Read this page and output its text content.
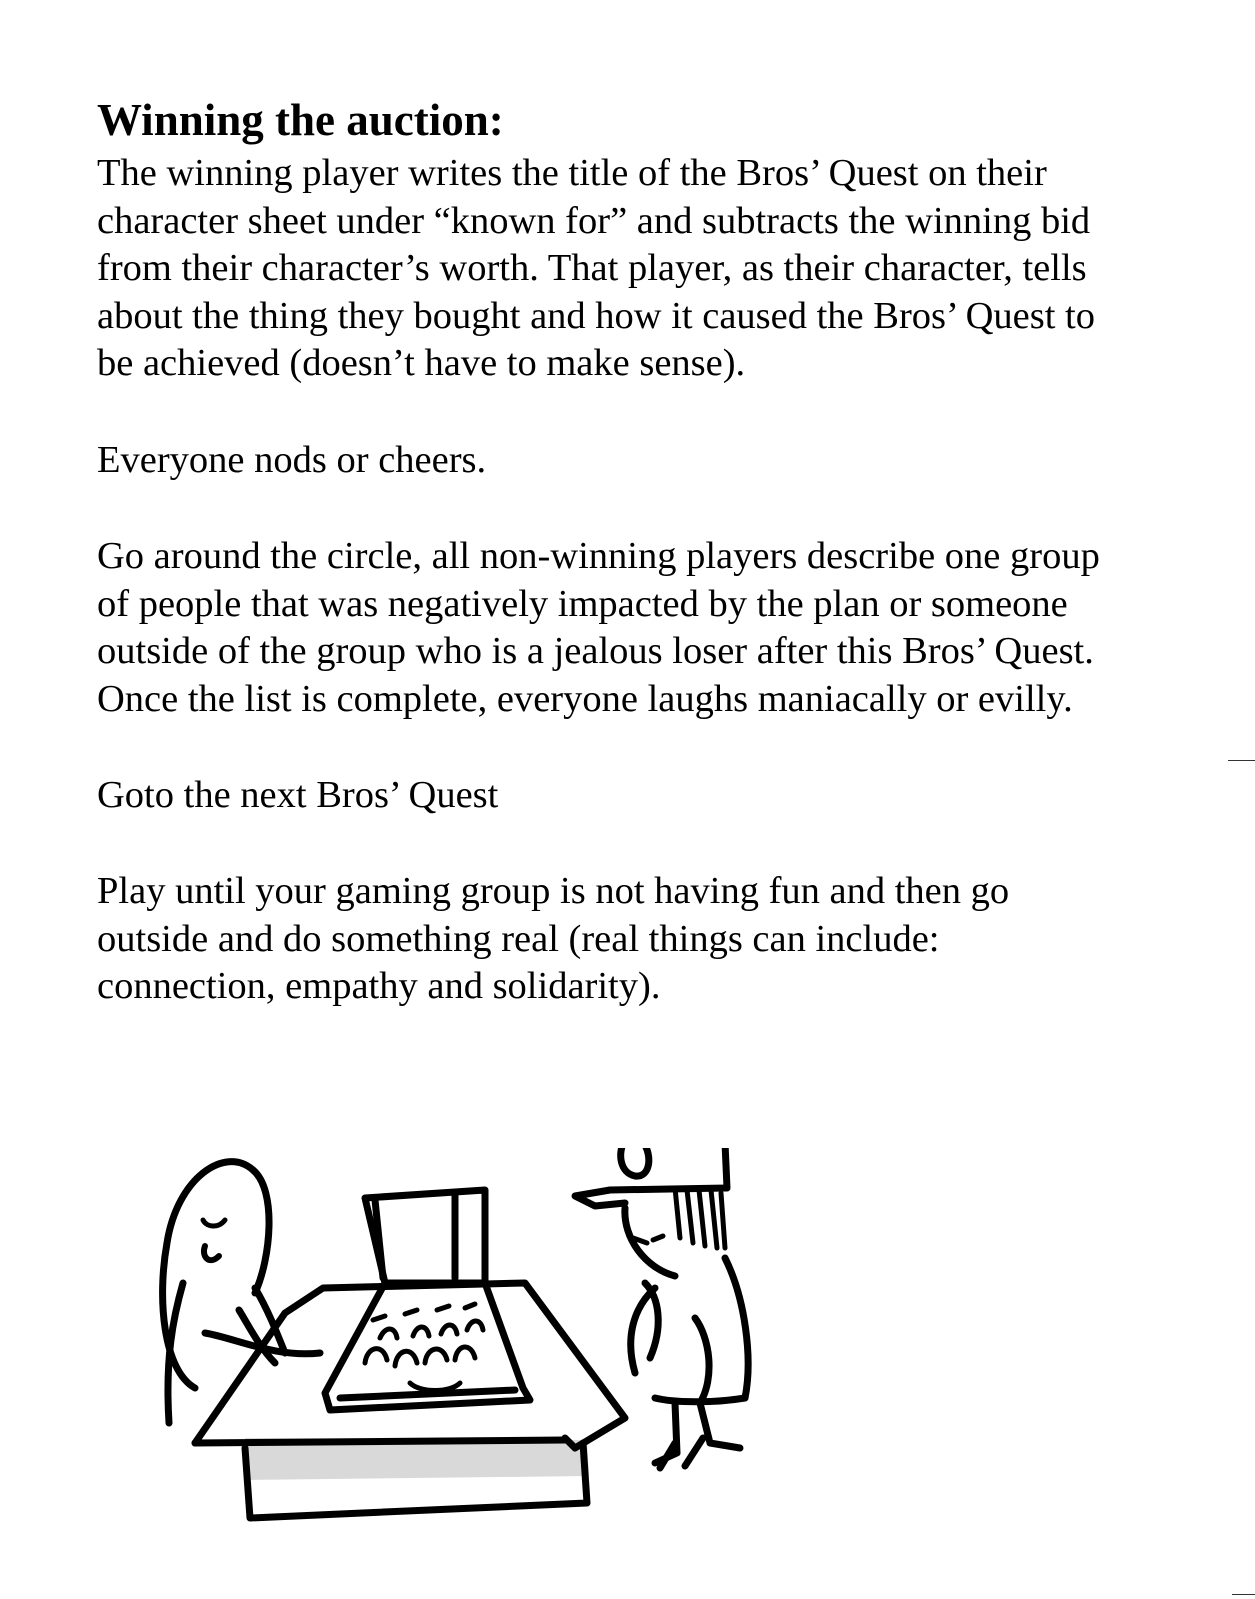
Winning the auction:

The winning player writes the title of the Bros’ Quest on their
character sheet under “known for” and subtracts the winning bid
from their character’s worth. That player, as their character, tells
about the thing they bought and how it caused the Bros’ Quest to
be achieved (doesn’t have to make sense).

Everyone nods or cheers.

Go around the circle, all non-winning players describe one group
of people that was negatively impacted by the plan or someone
outside of the group who is a jealous loser after this Bros’ Quest.
Once the list is complete, everyone laughs maniacally or evilly.

Goto the next Bros’ Quest

Play until your gaming group is not having fun and then go
outside and do something real (real things can include:
connection, empathy and solidarity).
